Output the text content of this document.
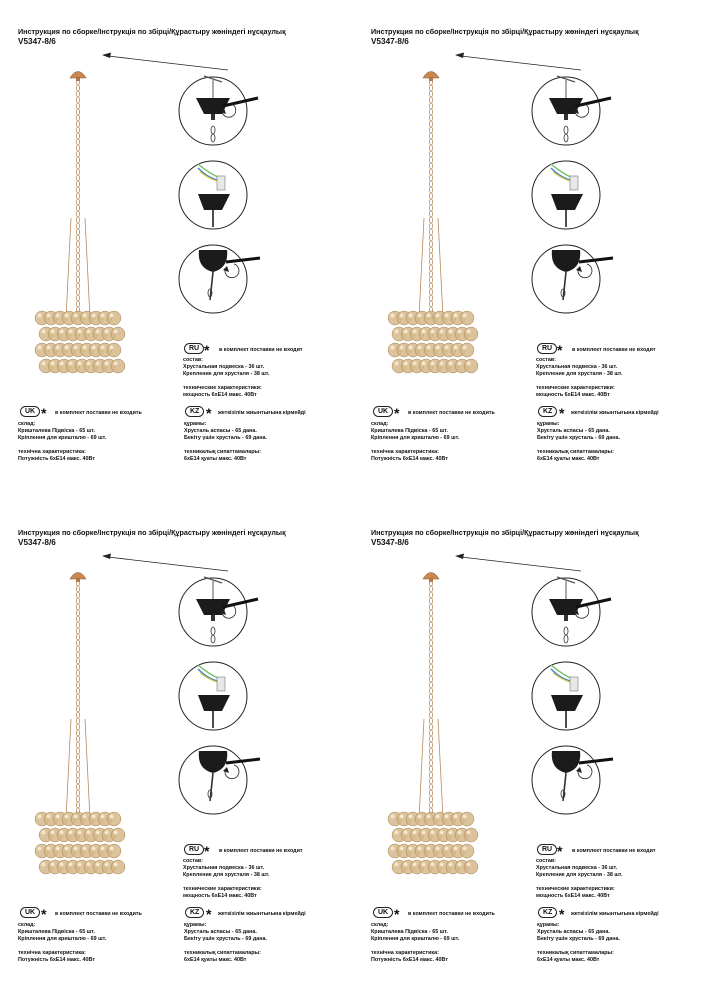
Инструкция по сборке/Інструкція по збірці/Құрастыру жөніндегі нұсқаулық
V5347-8/6
RU * в комплект поставки не входит
состав:
Хрустальная подвеска - 36 шт.
Крепление для хрусталя - 38 шт.
технические характеристики:
мощность 6хЕ14 макс. 40Вт
UK * в комплект поставки не входить
склад:
Кришталева Підвіска - 65 шт.
Кріплення для кришталю - 69 шт.
технічна характеристика:
Потужність 6хЕ14 макс. 40Вт
KZ * жеткізілім жиынтығына кірмейді
құрамы:
Хрусталь аспасы - 65 дана.
Бекіту үшін хрусталь - 69 дана.
техникалық сипаттамалары:
6хЕ14 қуаты макс. 40Вт
Инструкция по сборке/Інструкція по збірці/Құрастыру жөніндегі нұсқаулық
V5347-8/6
RU * в комплект поставки не входит
состав:
Хрустальная подвеска - 36 шт.
Крепление для хрусталя - 38 шт.
технические характеристики:
мощность 6хЕ14 макс. 40Вт
UK * в комплект поставки не входить
склад:
Кришталева Підвіска - 65 шт.
Кріплення для кришталю - 69 шт.
технічна характеристика:
Потужність 6хЕ14 макс. 40Вт
KZ * жеткізілім жиынтығына кірмейді
құрамы:
Хрусталь аспасы - 65 дана.
Бекіту үшін хрусталь - 69 дана.
техникалық сипаттамалары:
6хЕ14 қуаты макс. 40Вт
Инструкция по сборке/Інструкція по збірці/Құрастыру жөніндегі нұсқаулық
V5347-8/6
RU * в комплект поставки не входит
состав:
Хрустальная подвеска - 36 шт.
Крепление для хрусталя - 38 шт.
технические характеристики:
мощность 6хЕ14 макс. 40Вт
UK * в комплект поставки не входить
склад:
Кришталева Підвіска - 65 шт.
Кріплення для кришталю - 69 шт.
технічна характеристика:
Потужність 6хЕ14 макс. 40Вт
KZ * жеткізілім жиынтығына кірмейді
құрамы:
Хрусталь аспасы - 65 дана.
Бекіту үшін хрусталь - 69 дана.
техникалық сипаттамалары:
6хЕ14 қуаты макс. 40Вт
Инструкция по сборке/Інструкція по збірці/Құрастыру жөніндегі нұсқаулық
V5347-8/6
RU * в комплект поставки не входит
состав:
Хрустальная подвеска - 36 шт.
Крепление для хрусталя - 38 шт.
технические характеристики:
мощность 6хЕ14 макс. 40Вт
UK * в комплект поставки не входить
склад:
Кришталева Підвіска - 65 шт.
Кріплення для кришталю - 69 шт.
технічна характеристика:
Потужність 6хЕ14 макс. 40Вт
KZ * жеткізілім жиынтығына кірмейді
құрамы:
Хрусталь аспасы - 65 дана.
Бекіту үшін хрусталь - 69 дана.
техникалық сипаттамалары:
6хЕ14 қуаты макс. 40Вт
